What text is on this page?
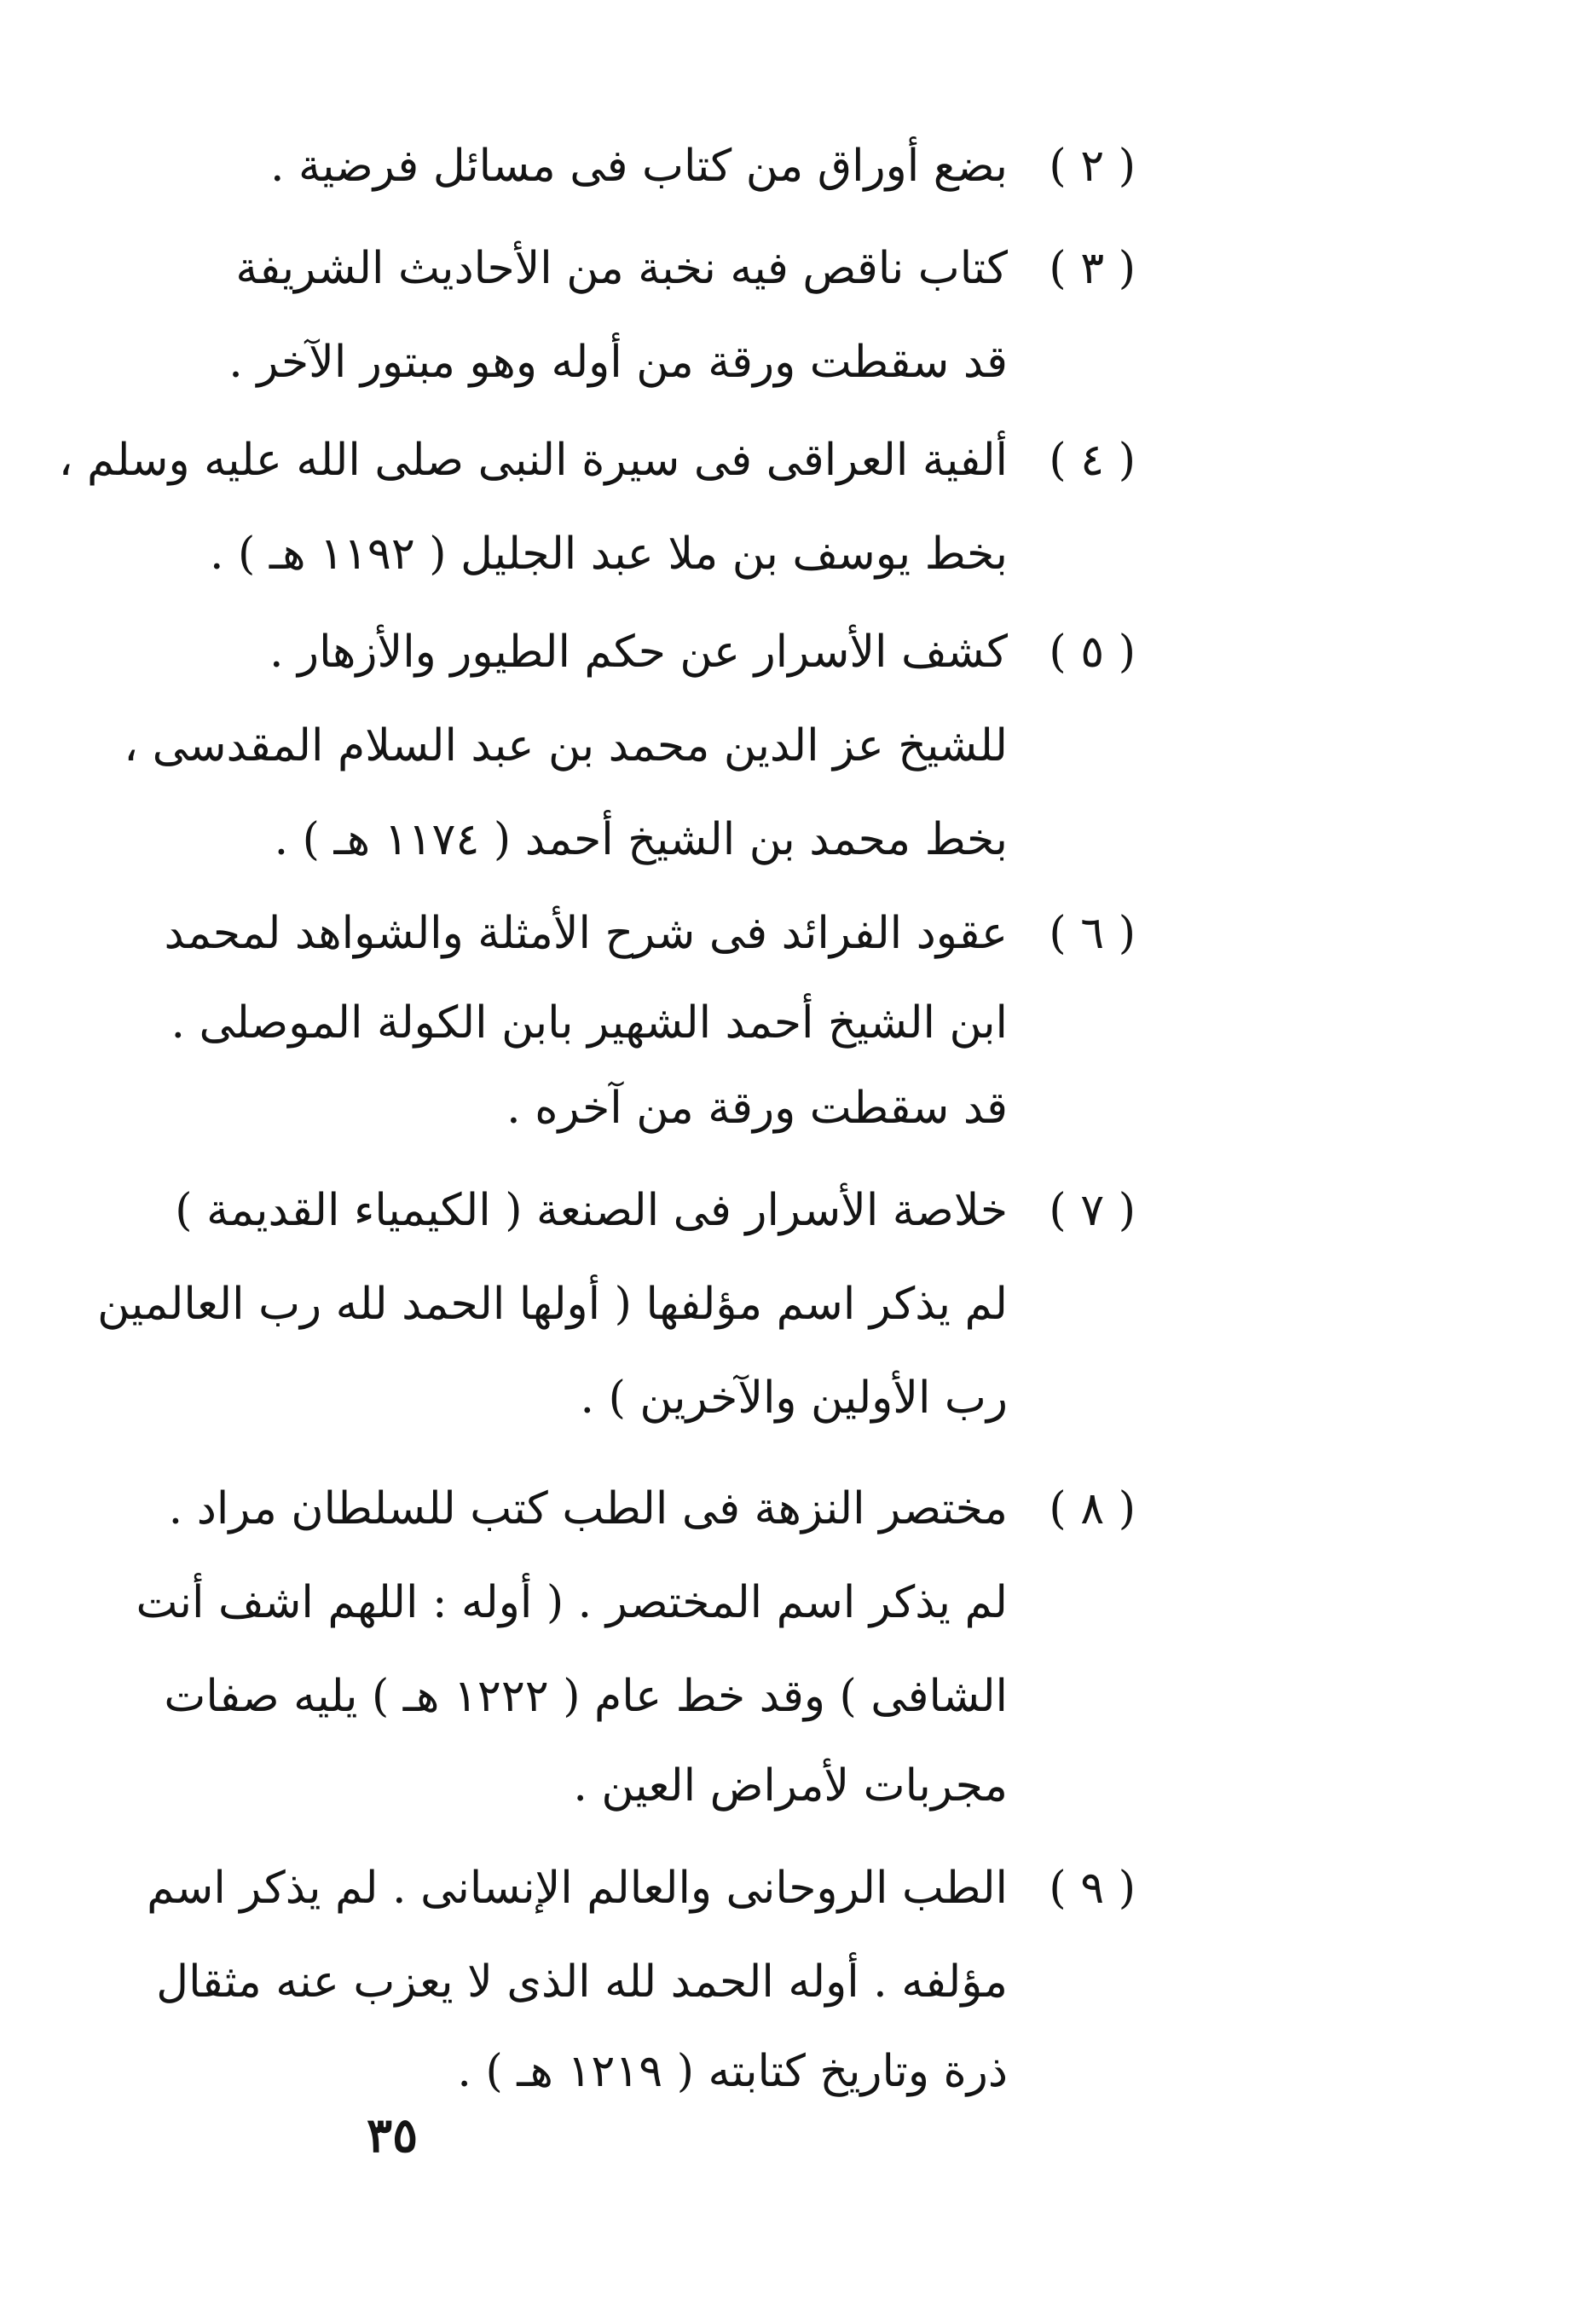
( ٢ )
بضع أوراق من كتاب فى مسائل فرضية .
( ٣ )
كتاب ناقص فيه نخبة من الأحاديث الشريفة
قد سقطت ورقة من أوله وهو مبتور الآخر .
( ٤ )
ألفية العراقى فى سيرة النبى صلى الله عليه وسلم ،
بخط يوسف بن ملا عبد الجليل ( ١١٩٢ هـ ) .
( ٥ )
كشف الأسرار عن حكم الطيور والأزهار .
للشيخ عز الدين محمد بن عبد السلام المقدسى ،
بخط محمد بن الشيخ أحمد ( ١١٧٤ هـ ) .
( ٦ )
عقود الفرائد فى شرح الأمثلة والشواهد لمحمد
ابن الشيخ أحمد الشهير بابن الكولة الموصلى .
قد سقطت ورقة من آخره .
( ٧ )
خلاصة الأسرار فى الصنعة ( الكيمياء القديمة )
لم يذكر اسم مؤلفها ( أولها الحمد لله رب العالمين
رب الأولين والآخرين ) .
( ٨ )
مختصر النزهة فى الطب كتب للسلطان مراد .
لم يذكر اسم المختصر . ( أوله : اللهم اشف أنت
الشافى ) وقد خط عام ( ١٢٢٢ هـ ) يليه صفات
مجربات لأمراض العين .
( ٩ )
الطب الروحانى والعالم الإنسانى . لم يذكر اسم
مؤلفه . أوله الحمد لله الذى لا يعزب عنه مثقال
ذرة وتاريخ كتابته ( ١٢١٩ هـ ) .
٣٥
